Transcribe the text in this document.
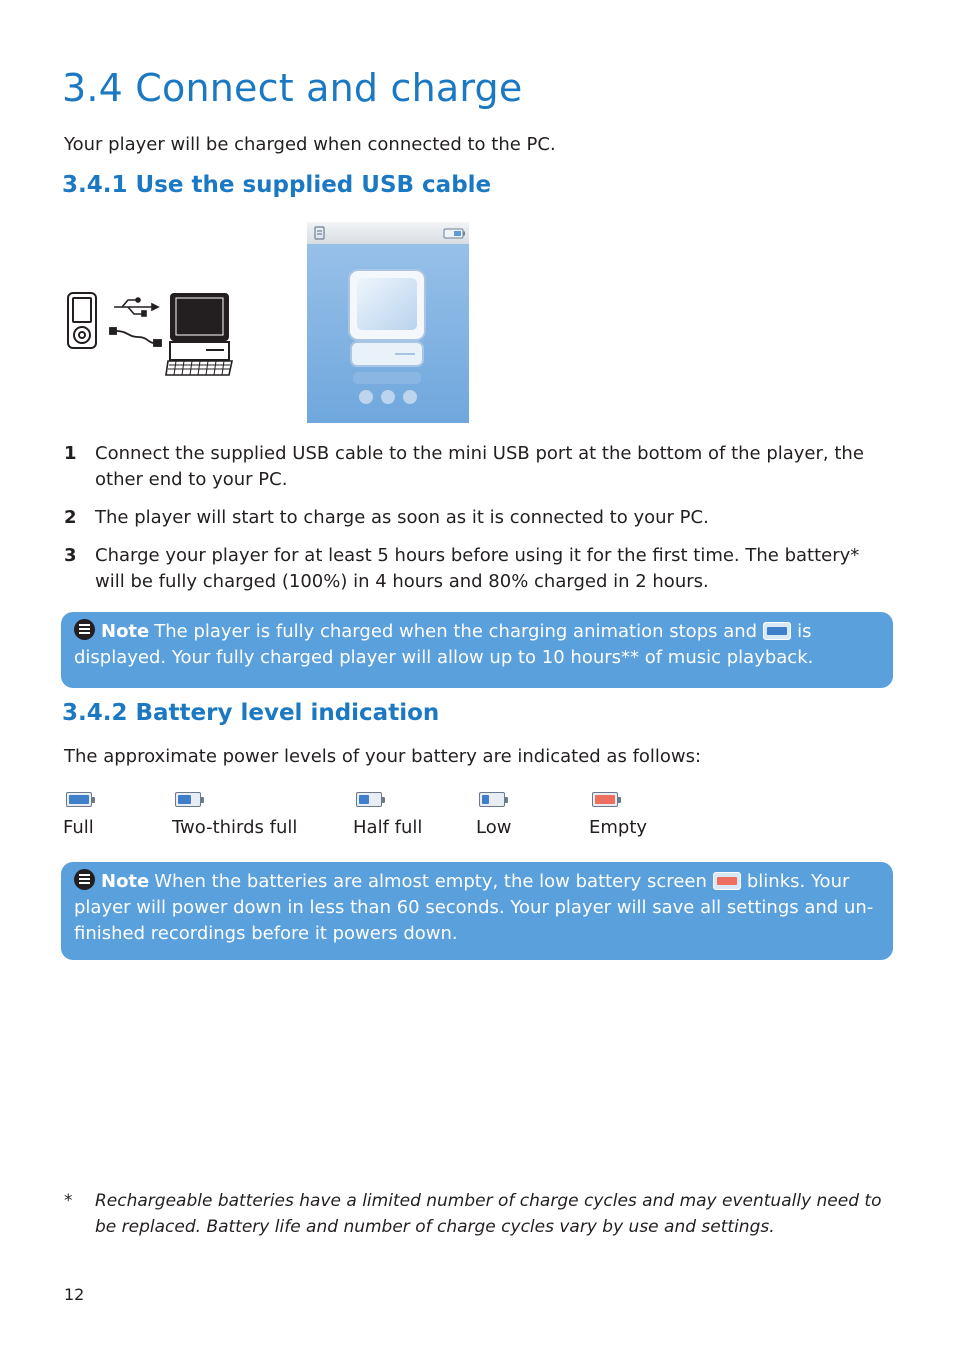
3.4 Connect and charge

Your player will be charged when connected to the PC.

3.4.1 Use the supplied USB cable
1 Connect the supplied USB cable to the mini USB port at the bottom of the player, the other end to your PC.
2 The player will start to charge as soon as it is connected to your PC.
3 Charge your player for at least 5 hours before using it for the first time. The battery* will be fully charged (100%) in 4 hours and 80% charged in 2 hours.
Note The player is fully charged when the charging animation stops and is displayed. Your fully charged player will allow up to 10 hours** of music playback.
3.4.2 Battery level indication

The approximate power levels of your battery are indicated as follows:

Full	Two-thirds full	Half full	Low	Empty
Note When the batteries are almost empty, the low battery screen blinks. Your player will power down in less than 60 seconds. Your player will save all settings and un-finished recordings before it powers down.
* Rechargeable batteries have a limited number of charge cycles and may eventually need to be replaced. Battery life and number of charge cycles vary by use and settings.
12
